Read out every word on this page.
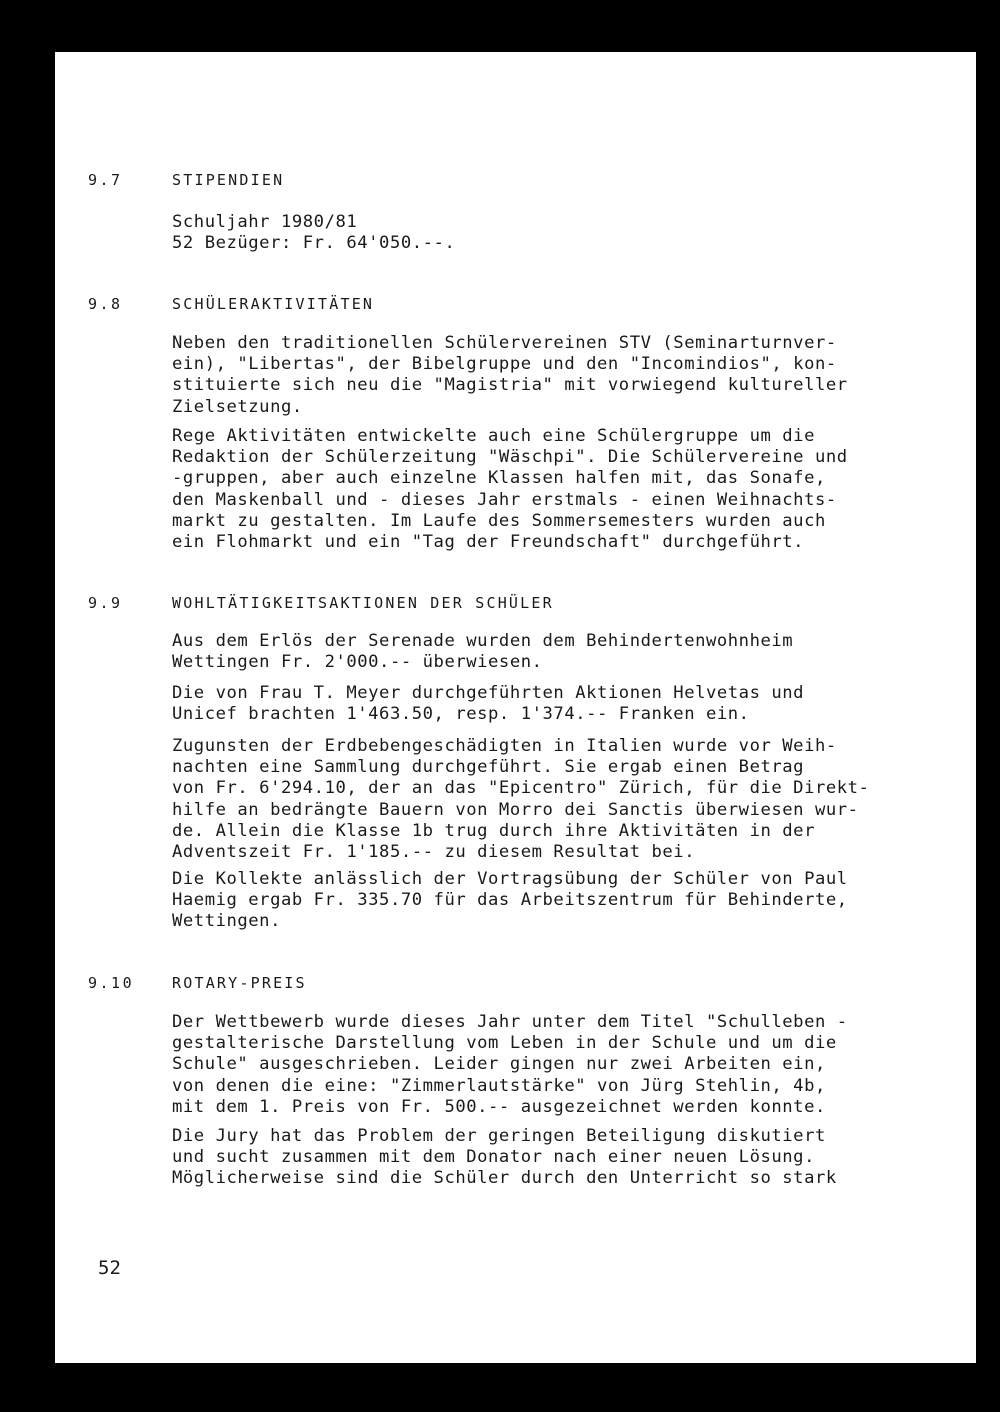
9.7	STIPENDIEN

Schuljahr 1980/81
52 Bezüger: Fr. 64'050.--.

9.8	SCHÜLERAKTIVITÄTEN

Neben den traditionellen Schülervereinen STV (Seminarturnver-
ein), "Libertas", der Bibelgruppe und den "Incomindios", kon-
stituierte sich neu die "Magistria" mit vorwiegend kultureller
Zielsetzung.

Rege Aktivitäten entwickelte auch eine Schülergruppe um die
Redaktion der Schülerzeitung "Wäschpi". Die Schülervereine und
-gruppen, aber auch einzelne Klassen halfen mit, das Sonafe,
den Maskenball und - dieses Jahr erstmals - einen Weihnachts-
markt zu gestalten. Im Laufe des Sommersemesters wurden auch
ein Flohmarkt und ein "Tag der Freundschaft" durchgeführt.

9.9	WOHLTÄTIGKEITSAKTIONEN DER SCHÜLER

Aus dem Erlös der Serenade wurden dem Behindertenwohnheim
Wettingen Fr. 2'000.-- überwiesen.

Die von Frau T. Meyer durchgeführten Aktionen Helvetas und
Unicef brachten 1'463.50, resp. 1'374.-- Franken ein.

Zugunsten der Erdbebengeschädigten in Italien wurde vor Weih-
nachten eine Sammlung durchgeführt. Sie ergab einen Betrag
von Fr. 6'294.10, der an das "Epicentro" Zürich, für die Direkt-
hilfe an bedrängte Bauern von Morro dei Sanctis überwiesen wur-
de. Allein die Klasse 1b trug durch ihre Aktivitäten in der
Adventszeit Fr. 1'185.-- zu diesem Resultat bei.

Die Kollekte anlässlich der Vortragsübung der Schüler von Paul
Haemig ergab Fr. 335.70 für das Arbeitszentrum für Behinderte,
Wettingen.

9.10	ROTARY-PREIS

Der Wettbewerb wurde dieses Jahr unter dem Titel "Schulleben -
gestalterische Darstellung vom Leben in der Schule und um die
Schule" ausgeschrieben. Leider gingen nur zwei Arbeiten ein,
von denen die eine: "Zimmerlautstärke" von Jürg Stehlin, 4b,
mit dem 1. Preis von Fr. 500.-- ausgezeichnet werden konnte.

Die Jury hat das Problem der geringen Beteiligung diskutiert
und sucht zusammen mit dem Donator nach einer neuen Lösung.
Möglicherweise sind die Schüler durch den Unterricht so stark

52
